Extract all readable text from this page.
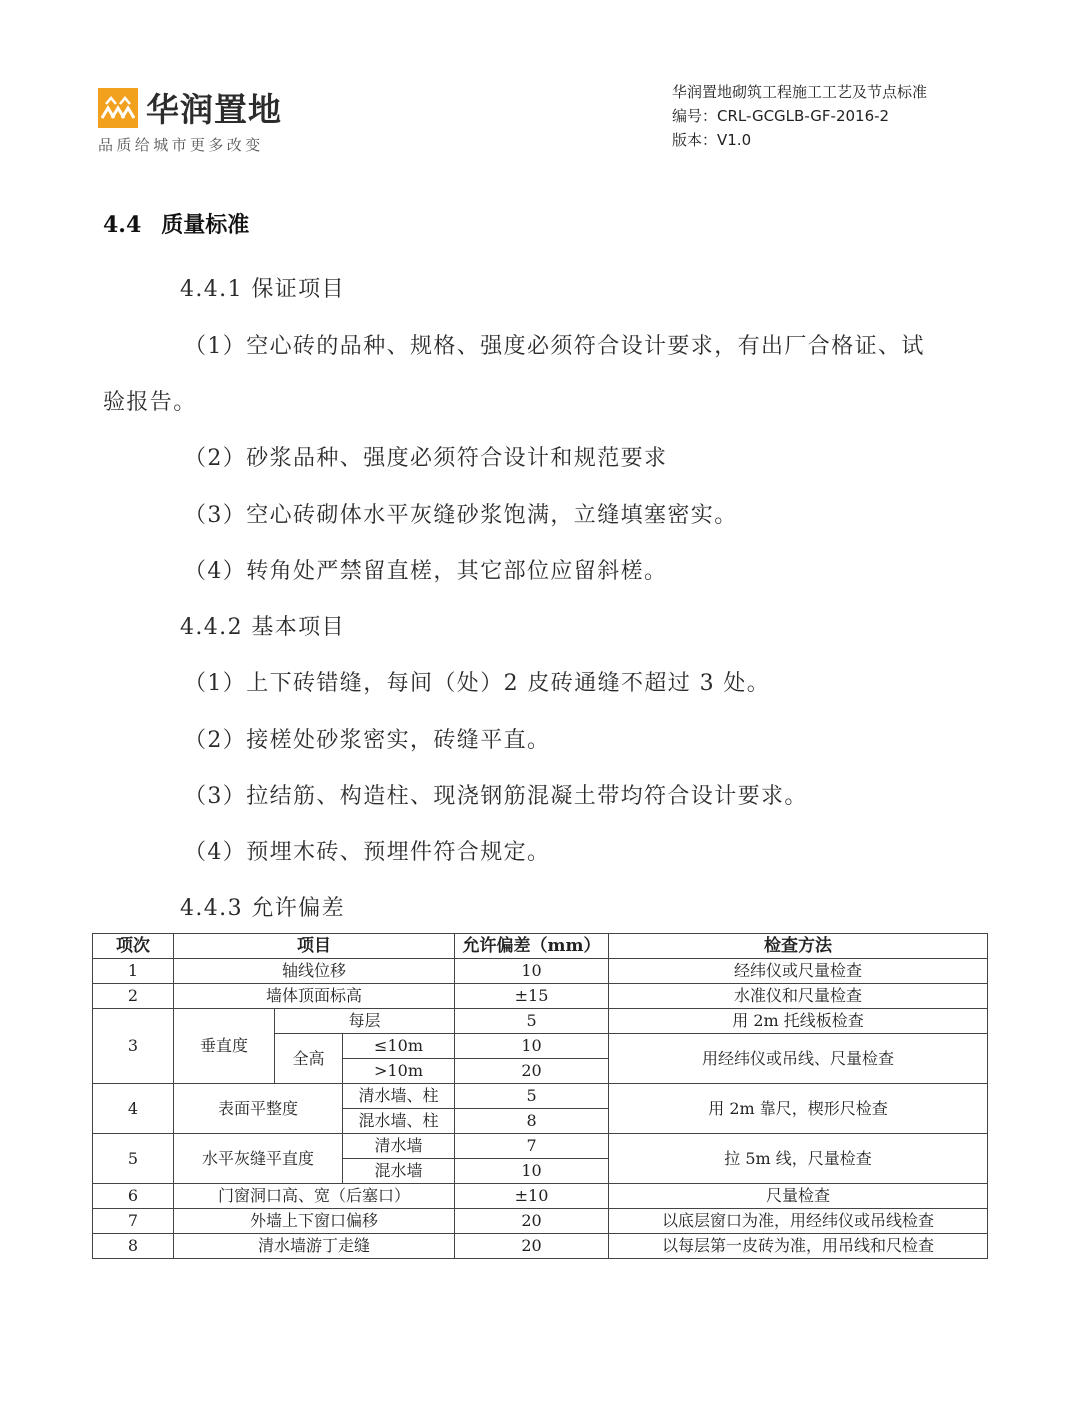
华润置地
品质给城市更多改变
华润置地砌筑工程施工工艺及节点标准
编号：CRL-GCGLB-GF-2016-2
版本：V1.0
4.4 质量标准
4.4.1 保证项目
（1）空心砖的品种、规格、强度必须符合设计要求，有出厂合格证、试
验报告。
（2）砂浆品种、强度必须符合设计和规范要求
（3）空心砖砌体水平灰缝砂浆饱满，立缝填塞密实。
（4）转角处严禁留直槎，其它部位应留斜槎。
4.4.2 基本项目
（1）上下砖错缝，每间（处）2 皮砖通缝不超过 3 处。
（2）接槎处砂浆密实，砖缝平直。
（3）拉结筋、构造柱、现浇钢筋混凝土带均符合设计要求。
（4）预埋木砖、预埋件符合规定。
4.4.3 允许偏差
项次	项目			允许偏差（mm）	检查方法
1	轴线位移			10	经纬仪或尺量检查
2	墙体顶面标高			±15	水准仪和尺量检查
3	垂直度	每层		5	用 2m 托线板检查
		全高	≤10m	10	用经纬仪或吊线、尺量检查
			>10m	20	
4	表面平整度		清水墙、柱	5	用 2m 靠尺，楔形尺检查
			混水墙、柱	8	
5	水平灰缝平直度		清水墙	7	拉 5m 线，尺量检查
			混水墙	10	
6	门窗洞口高、宽（后塞口）			±10	尺量检查
7	外墙上下窗口偏移			20	以底层窗口为准，用经纬仪或吊线检查
8	清水墙游丁走缝			20	以每层第一皮砖为准，用吊线和尺检查
